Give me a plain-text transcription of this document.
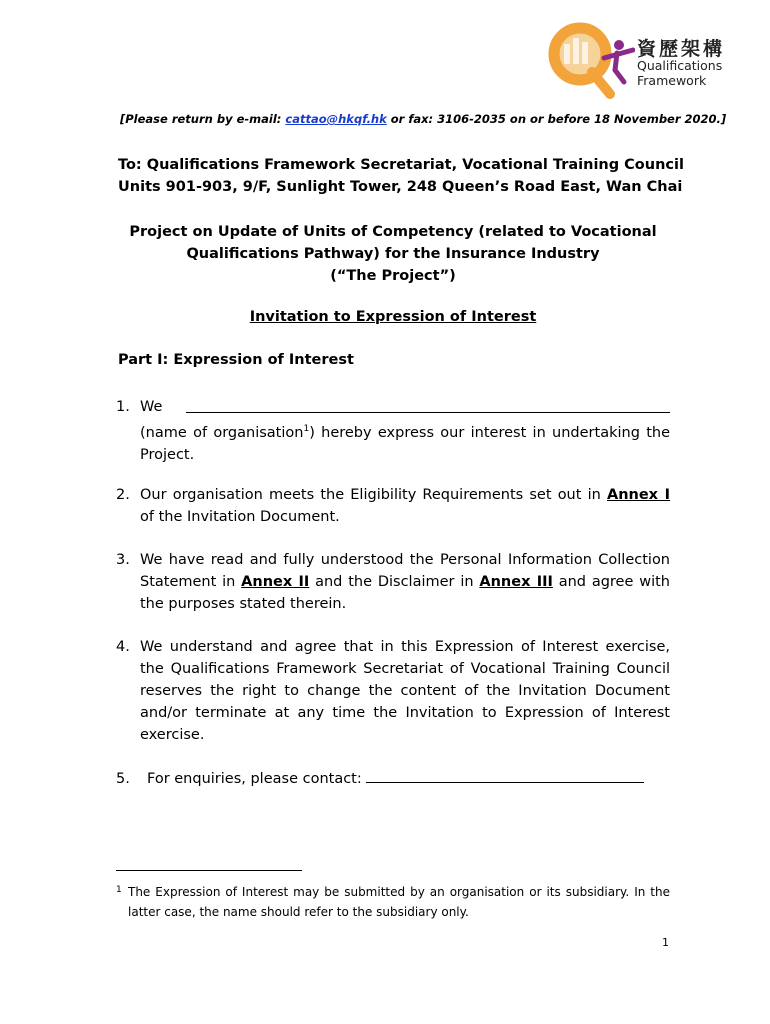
資歷架構
Qualifications
Framework
[Please return by e-mail: cattao@hkqf.hk or fax: 3106-2035 on or before 18 November 2020.]
To: Qualifications Framework Secretariat, Vocational Training Council
Units 901-903, 9/F, Sunlight Tower, 248 Queen’s Road East, Wan Chai
Project on Update of Units of Competency (related to Vocational
Qualifications Pathway) for the Insurance Industry
(“The Project”)
Invitation to Expression of Interest
Part I: Expression of Interest
1. We
(name of organisation$^1$) hereby express our interest in undertaking the Project.
2. Our organisation meets the Eligibility Requirements set out in Annex I of the Invitation Document.
3. We have read and fully understood the Personal Information Collection Statement in Annex II and the Disclaimer in Annex III and agree with the purposes stated therein.
4. We understand and agree that in this Expression of Interest exercise, the Qualifications Framework Secretariat of Vocational Training Council reserves the right to change the content of the Invitation Document and/or terminate at any time the Invitation to Expression of Interest exercise.
5. For enquiries, please contact:
1 The Expression of Interest may be submitted by an organisation or its subsidiary. In the latter case, the name should refer to the subsidiary only.
1
